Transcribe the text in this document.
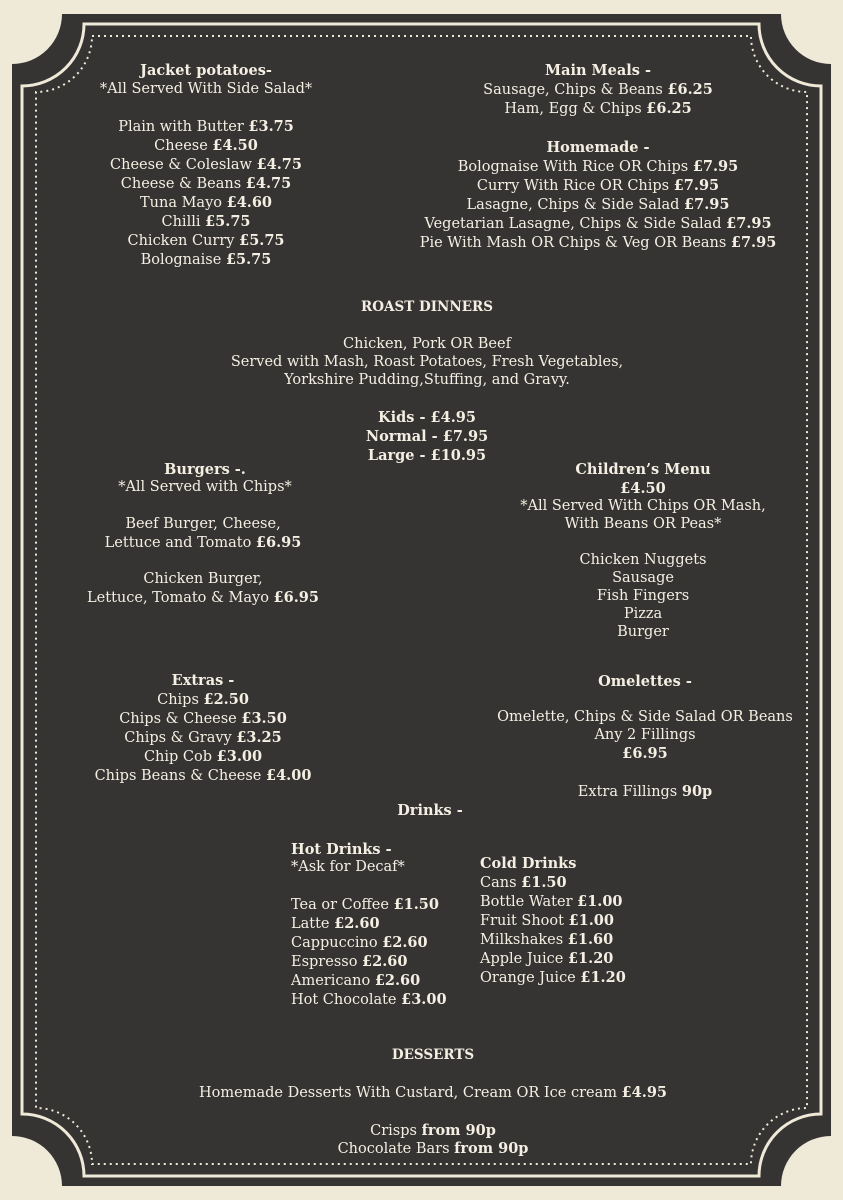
Jacket potatoes-
*All Served With Side Salad*
Plain with Butter £3.75
Cheese £4.50
Cheese & Coleslaw £4.75
Cheese & Beans £4.75
Tuna Mayo £4.60
Chilli £5.75
Chicken Curry £5.75
Bolognaise £5.75
Main Meals -
Sausage, Chips & Beans £6.25
Ham, Egg & Chips £6.25
Homemade -
Bolognaise With Rice OR Chips £7.95
Curry With Rice OR Chips £7.95
Lasagne, Chips & Side Salad £7.95
Vegetarian Lasagne, Chips & Side Salad £7.95
Pie With Mash OR Chips & Veg OR Beans £7.95
ROAST DINNERS
Chicken, Pork OR Beef
Served with Mash, Roast Potatoes, Fresh Vegetables,
Yorkshire Pudding,Stuffing, and Gravy.
Kids - £4.95
Normal - £7.95
Large - £10.95
Burgers -.
*All Served with Chips*
Beef Burger, Cheese,
Lettuce and Tomato £6.95
Chicken Burger,
Lettuce, Tomato & Mayo £6.95
Children’s Menu
£4.50
*All Served With Chips OR Mash,
With Beans OR Peas*
Chicken Nuggets
Sausage
Fish Fingers
Pizza
Burger
Extras -
Chips £2.50
Chips & Cheese £3.50
Chips & Gravy £3.25
Chip Cob £3.00
Chips Beans & Cheese £4.00
Omelettes -
Omelette, Chips & Side Salad OR Beans
Any 2 Fillings
£6.95
Extra Fillings 90p
Drinks -
Hot Drinks -
*Ask for Decaf*
Tea or Coffee £1.50
Latte £2.60
Cappuccino £2.60
Espresso £2.60
Americano £2.60
Hot Chocolate £3.00
Cold Drinks
Cans £1.50
Bottle Water £1.00
Fruit Shoot £1.00
Milkshakes £1.60
Apple Juice £1.20
Orange Juice £1.20
DESSERTS
Homemade Desserts With Custard, Cream OR Ice cream £4.95
Crisps from 90p
Chocolate Bars from 90p
